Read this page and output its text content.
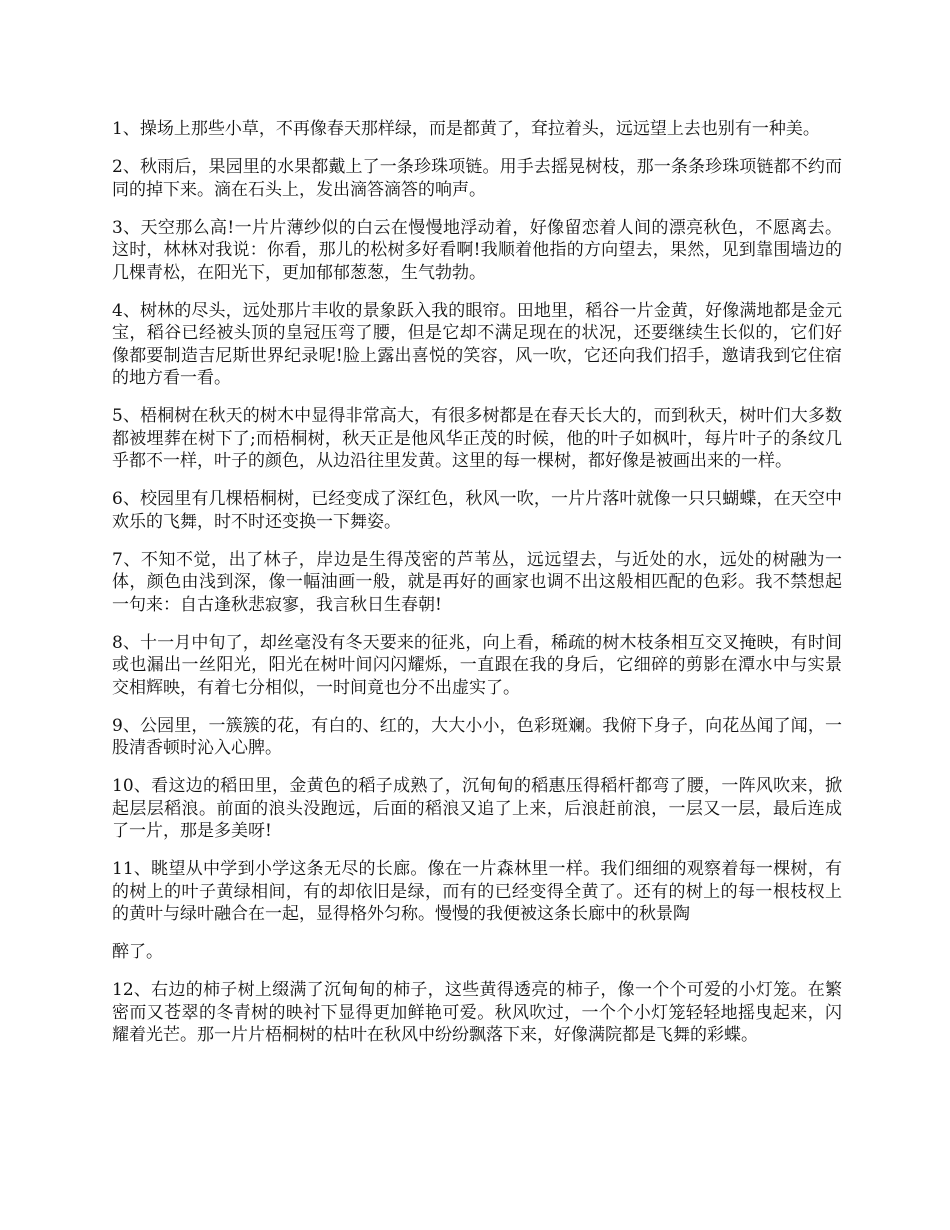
1、操场上那些小草，不再像春天那样绿，而是都黄了，耷拉着头，远远望上去也别有一种美。

2、秋雨后，果园里的水果都戴上了一条珍珠项链。用手去摇晃树枝，那一条条珍珠项链都不约而同的掉下来。滴在石头上，发出滴答滴答的响声。

3、天空那么高!一片片薄纱似的白云在慢慢地浮动着，好像留恋着人间的漂亮秋色，不愿离去。这时，林林对我说：你看，那儿的松树多好看啊!我顺着他指的方向望去，果然，见到靠围墙边的几棵青松，在阳光下，更加郁郁葱葱，生气勃勃。

4、树林的尽头，远处那片丰收的景象跃入我的眼帘。田地里，稻谷一片金黄，好像满地都是金元宝，稻谷已经被头顶的皇冠压弯了腰，但是它却不满足现在的状况，还要继续生长似的，它们好像都要制造吉尼斯世界纪录呢!脸上露出喜悦的笑容，风一吹，它还向我们招手，邀请我到它住宿的地方看一看。

5、梧桐树在秋天的树木中显得非常高大，有很多树都是在春天长大的，而到秋天，树叶们大多数都被埋葬在树下了;而梧桐树，秋天正是他风华正茂的时候，他的叶子如枫叶，每片叶子的条纹几乎都不一样，叶子的颜色，从边沿往里发黄。这里的每一棵树，都好像是被画出来的一样。

6、校园里有几棵梧桐树，已经变成了深红色，秋风一吹，一片片落叶就像一只只蝴蝶，在天空中欢乐的飞舞，时不时还变换一下舞姿。

7、不知不觉，出了林子，岸边是生得茂密的芦苇丛，远远望去，与近处的水，远处的树融为一体，颜色由浅到深，像一幅油画一般，就是再好的画家也调不出这般相匹配的色彩。我不禁想起一句来：自古逢秋悲寂寥，我言秋日生春朝!

8、十一月中旬了，却丝毫没有冬天要来的征兆，向上看，稀疏的树木枝条相互交叉掩映，有时间或也漏出一丝阳光，阳光在树叶间闪闪耀烁，一直跟在我的身后，它细碎的剪影在潭水中与实景交相辉映，有着七分相似，一时间竟也分不出虚实了。

9、公园里，一簇簇的花，有白的、红的，大大小小，色彩斑斓。我俯下身子，向花丛闻了闻，一股清香顿时沁入心脾。

10、看这边的稻田里，金黄色的稻子成熟了，沉甸甸的稻惠压得稻杆都弯了腰，一阵风吹来，掀起层层稻浪。前面的浪头没跑远，后面的稻浪又追了上来，后浪赶前浪，一层又一层，最后连成了一片，那是多美呀!

11、眺望从中学到小学这条无尽的长廊。像在一片森林里一样。我们细细的观察着每一棵树，有的树上的叶子黄绿相间，有的却依旧是绿，而有的已经变得全黄了。还有的树上的每一根枝杈上的黄叶与绿叶融合在一起，显得格外匀称。慢慢的我便被这条长廊中的秋景陶

醉了。

12、右边的柿子树上缀满了沉甸甸的柿子，这些黄得透亮的柿子，像一个个可爱的小灯笼。在繁密而又苍翠的冬青树的映衬下显得更加鲜艳可爱。秋风吹过，一个个小灯笼轻轻地摇曳起来，闪耀着光芒。那一片片梧桐树的枯叶在秋风中纷纷飘落下来，好像满院都是飞舞的彩蝶。
